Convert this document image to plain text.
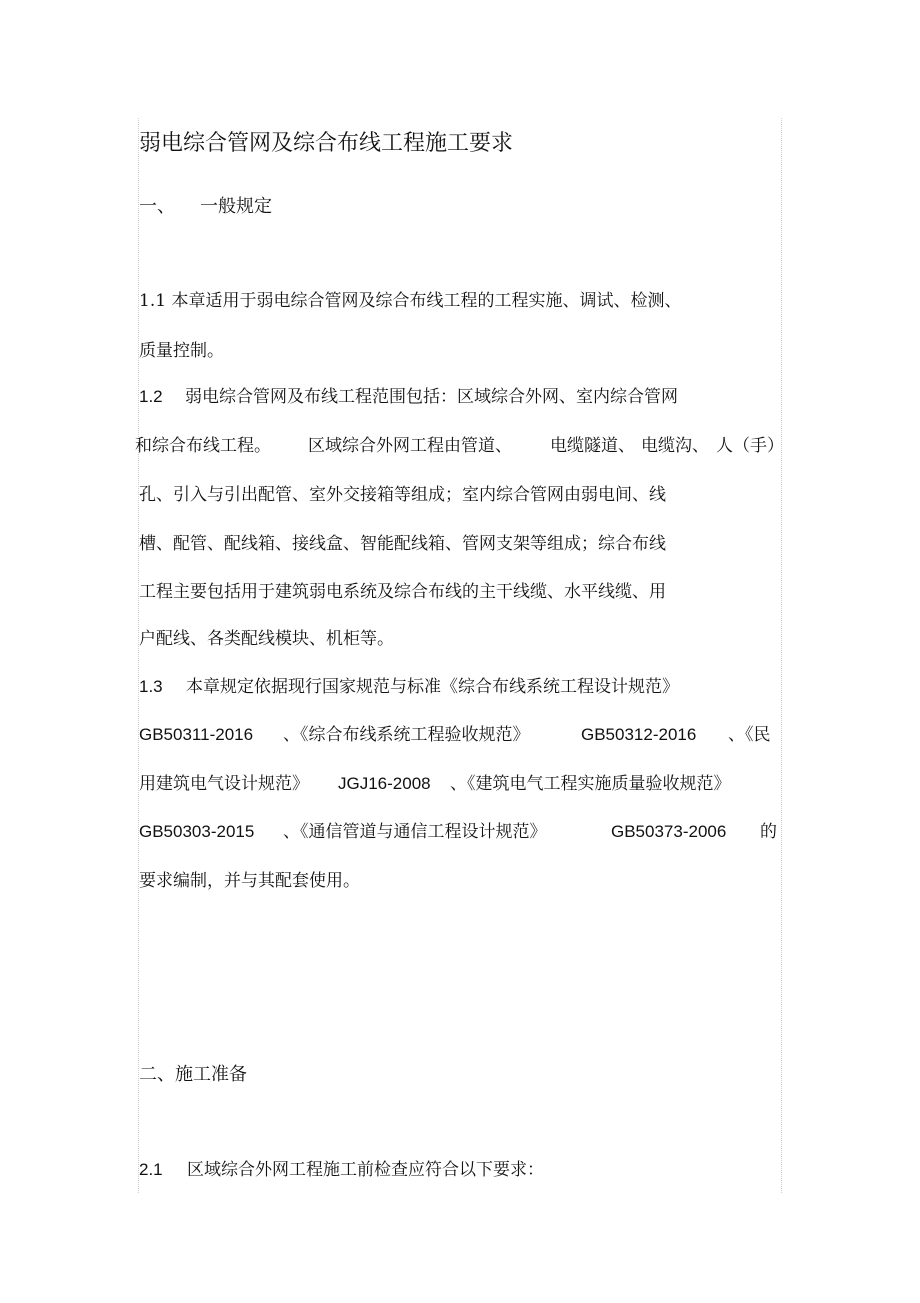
弱电综合管网及综合布线工程施工要求
一、 一般规定
1.1 本章适用于弱电综合管网及综合布线工程的工程实施、调试、检测、
质量控制。
1.2 弱电综合管网及布线工程范围包括：区域综合外网、室内综合管网
和综合布线工程。 区域综合外网工程由管道、 电缆隧道、 电缆沟、 人（手）
孔、引入与引出配管、室外交接箱等组成；室内综合管网由弱电间、线
槽、配管、配线箱、接线盒、智能配线箱、管网支架等组成；综合布线
工程主要包括用于建筑弱电系统及综合布线的主干线缆、水平线缆、用
户配线、各类配线模块、机柜等。
1.3 本章规定依据现行国家规范与标准《综合布线系统工程设计规范》
GB50311-2016 、《综合布线系统工程验收规范》	GB50312-2016 、《民
用建筑电气设计规范》 JGJ16-2008 、《建筑电气工程实施质量验收规范》
GB50303-2015 、《通信管道与通信工程设计规范》	GB50373-2006 的
要求编制，并与其配套使用。
二、施工准备
2.1 区域综合外网工程施工前检查应符合以下要求：
